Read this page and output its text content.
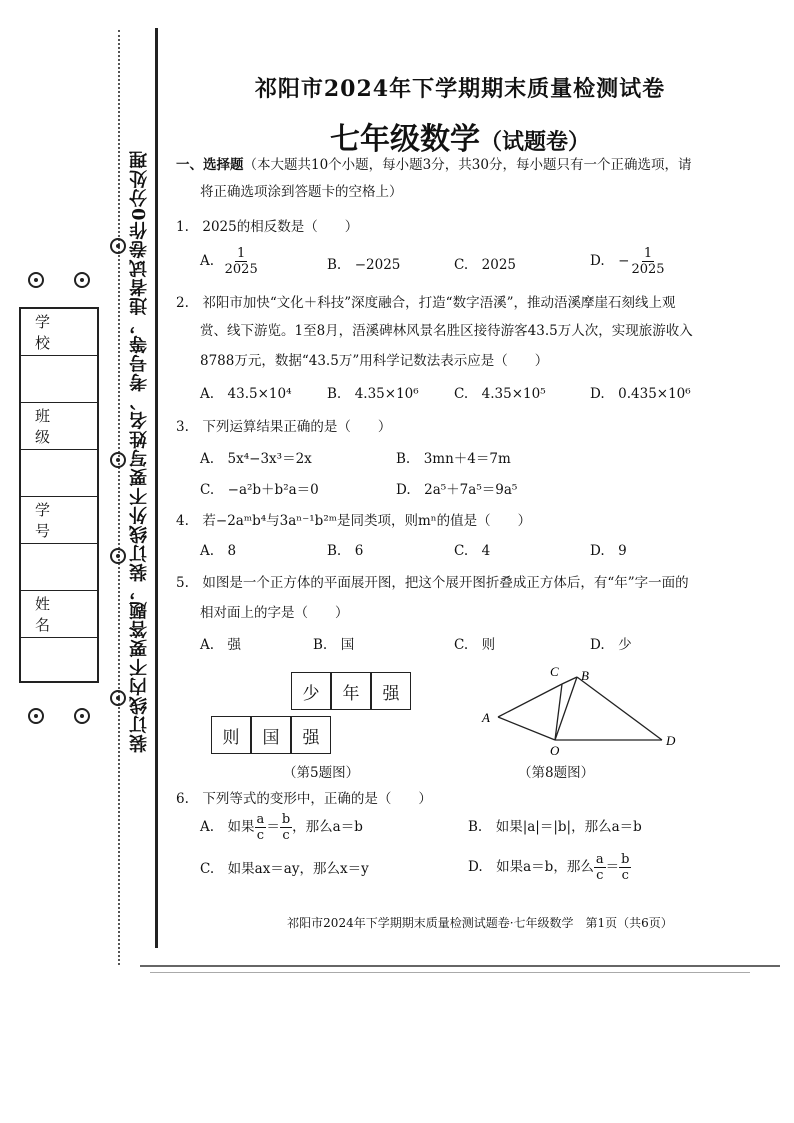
装订线内不要答题，装订线外不要写姓名、考号等，违者试卷作0分处理
学 校
班 级
学 号
姓 名
祁阳市2024年下学期期末质量检测试卷
七年级数学（试题卷）
一、选择题（本大题共10个小题，每小题3分，共30分，每小题只有一个正确选项，请
将正确选项涂到答题卡的空格上）
1.　2025的相反数是（　　）
A. $\frac{1}{2025}$	B.　−2025	C.　2025	D.　− $\frac{1}{2025}$
2.　祁阳市加快“文化＋科技”深度融合，打造“数字浯溪”，推动浯溪摩崖石刻线上观
赏、线下游览。1至8月，浯溪碑林风景名胜区接待游客43.5万人次，实现旅游收入
8788万元，数据“43.5万”用科学记数法表示应是（　　）
A.　43.5×10⁴	B.　4.35×10⁶	C.　4.35×10⁵	D.　0.435×10⁶
3.　下列运算结果正确的是（　　）
A.　5x⁴−3x³＝2x	B.　3mn＋4＝7m
C.　−a²b＋b²a＝0	D.　2a⁵＋7a⁵＝9a⁵
4.　若−2aᵐb⁴与3aⁿ⁻¹b²ᵐ是同类项，则mⁿ的值是（　　）
A.　8	B.　6	C.　4	D.　9
5.　如图是一个正方体的平面展开图，把这个展开图折叠成正方体后，有“年”字一面的
相对面上的字是（　　）
A.　强	B.　国	C.　则	D.　少
少	年	强
则	国	强
（第5题图）
A
C B
O
D
（第8题图）
6.　下列等式的变形中，正确的是（　　）
A.　如果 $\frac{a}{c} = \frac{b}{c}$ ，那么a＝b	B.　如果|a|＝|b|，那么a＝b
C.　如果ax＝ay，那么x＝y	D.　如果a＝b，那么 $\frac{a}{c} = \frac{b}{c}$
祁阳市2024年下学期期末质量检测试题卷·七年级数学　第1页（共6页）
